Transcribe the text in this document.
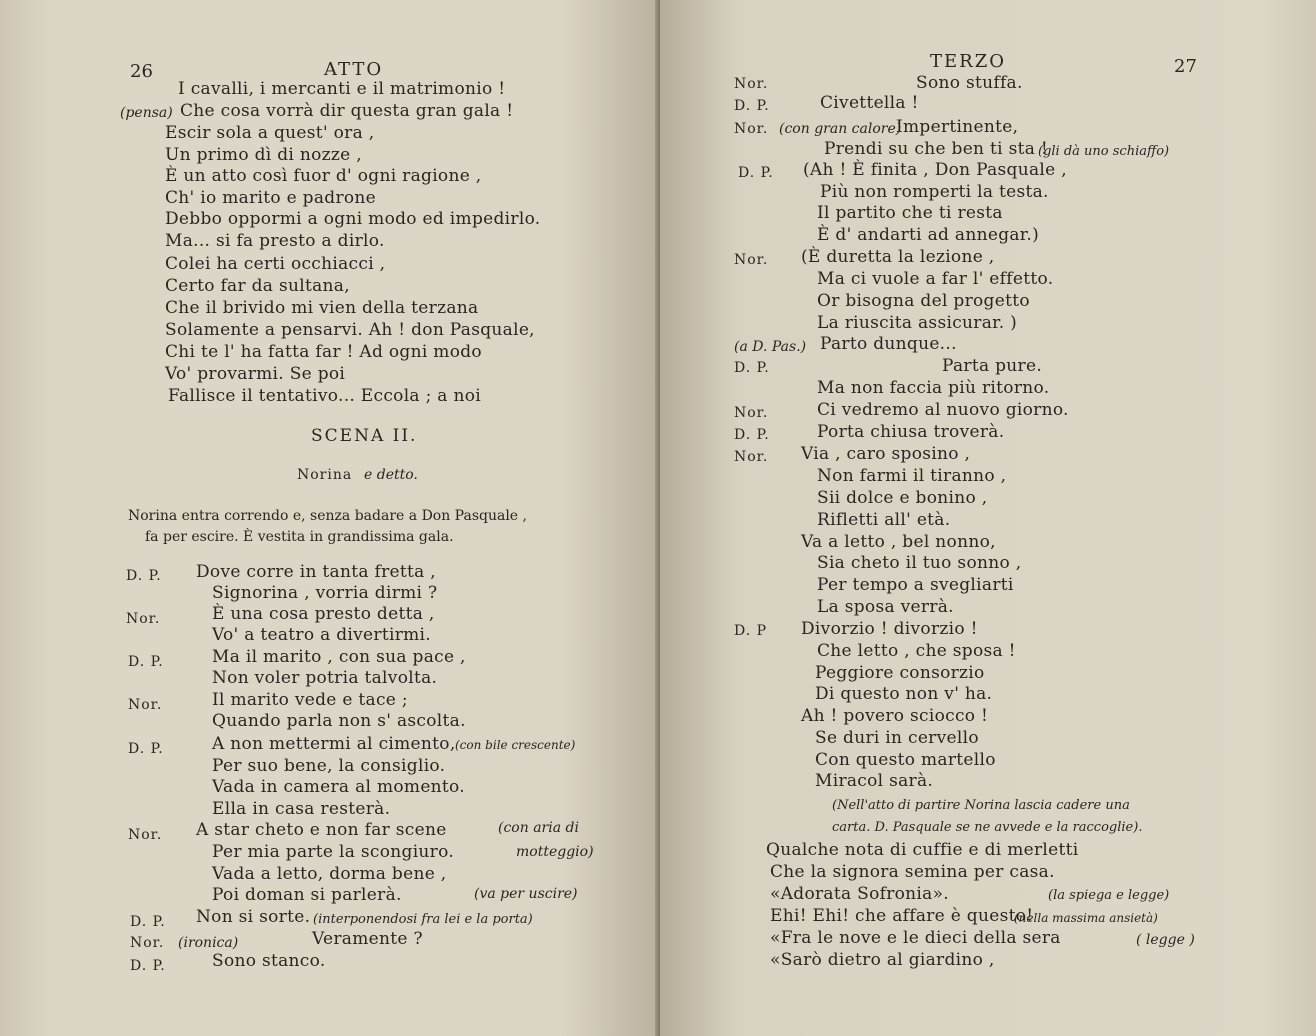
26	ATTO
I cavalli, i mercanti e il matrimonio !
(pensa) Che cosa vorrà dir questa gran gala !
Escir sola a quest' ora ,
Un primo dì di nozze ,
È un atto così fuor d' ogni ragione ,
Ch' io marito e padrone
Debbo oppormi a ogni modo ed impedirlo.
Ma... si fa presto a dirlo.
Colei ha certi occhiacci ,
Certo far da sultana,
Che il brivido mi vien della terzana
Solamente a pensarvi. Ah ! don Pasquale,
Chi te l' ha fatta far ! Ad ogni modo
Vo' provarmi. Se poi
Fallisce il tentativo... Eccola ; a noi
SCENA II.
Norina e detto.
Norina entra correndo e, senza badare a Don Pasquale ,
fa per escire. È vestita in grandissima gala.
D. P. Dove corre in tanta fretta ,
Signorina , vorria dirmi ?
Nor.	È una cosa presto detta ,
Vo' a teatro a divertirmi.
D. P.	Ma il marito , con sua pace ,
Non voler potria talvolta.
Nor.	Il marito vede e tace ;
Quando parla non s' ascolta.
D. P.	A non mettermi al cimento, (con bile crescente)
Per suo bene, la consiglio.
Vada in camera al momento.
Ella in casa resterà.
Nor. A star cheto e non far scene	(con aria di
Per mia parte la scongiuro.	motteggio)
Vada a letto, dorma bene ,
Poi doman si parlerà.	(va per uscire)
D. P. Non si sorte. (interponendosi fra lei e la porta)
Nor. (ironica)	Veramente ?
D. P.	Sono stanco.
TERZO	27
Nor.	Sono stuffa.
D. P.	Civettella !
Nor. (con gran calore)
Impertinente,
Prendi su che ben ti sta !
(gli dà uno schiaffo)
D. P. (Ah ! È finita , Don Pasquale ,
Più non romperti la testa.
Il partito che ti resta
È d' andarti ad annegar.)
Nor. (È duretta la lezione ,
Ma ci vuole a far l' effetto.
Or bisogna del progetto
La riuscita assicurar. )
(a D. Pas.) Parto dunque...
D. P.	Parta pure.
Ma non faccia più ritorno.
Nor.	Ci vedremo al nuovo giorno.
D. P.	Porta chiusa troverà.
Nor. Via , caro sposino ,
Non farmi il tiranno ,
Sii dolce e bonino ,
Rifletti all' età.
Va a letto , bel nonno,
Sia cheto il tuo sonno ,
Per tempo a svegliarti
La sposa verrà.
D. P Divorzio ! divorzio !
Che letto , che sposa !
Peggiore consorzio
Di questo non v' ha.
Ah ! povero sciocco !
Se duri in cervello
Con questo martello
Miracol sarà.
(Nell'atto di partire Norina lascia cadere una
carta. D. Pasquale se ne avvede e la raccoglie).
Qualche nota di cuffie e di merletti
Che la signora semina per casa.
«Adorata Sofronia».	(la spiega e legge)
Ehi! Ehi! che affare è questo!
(nella massima ansietà)
«Fra le nove e le dieci della sera	( legge )
«Sarò dietro al giardino ,
